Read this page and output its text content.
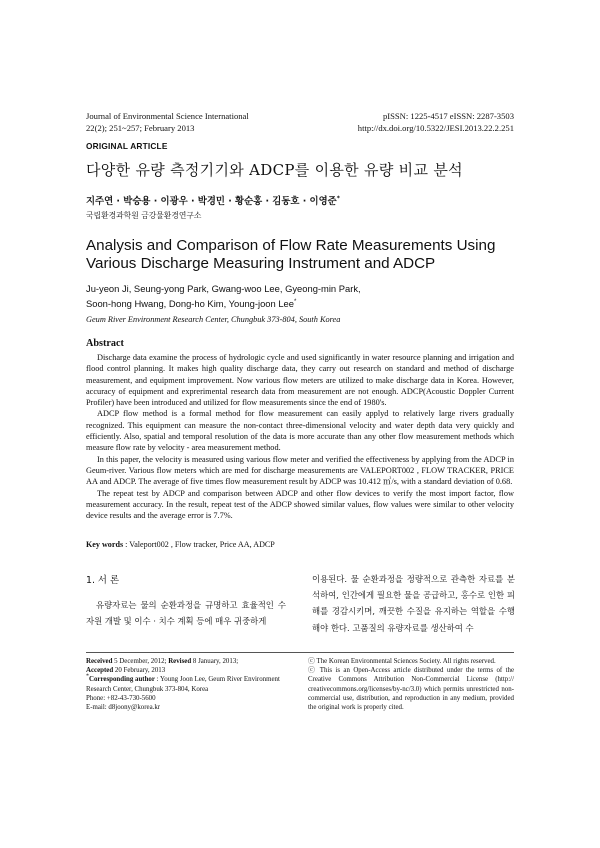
Journal of Environmental Science International
22(2); 251~257; February 2013
pISSN: 1225-4517 eISSN: 2287-3503
http://dx.doi.org/10.5322/JESI.2013.22.2.251
ORIGINAL ARTICLE
다양한 유량 측정기기와 ADCP를 이용한 유량 비교 분석
지주연 · 박승용 · 이광우 · 박경민 · 황순홍 · 김동호 · 이영준*
국립환경과학원 금강물환경연구소
Analysis and Comparison of Flow Rate Measurements Using Various Discharge Measuring Instrument and ADCP
Ju-yeon Ji, Seung-yong Park, Gwang-woo Lee, Gyeong-min Park,
Soon-hong Hwang, Dong-ho Kim, Young-joon Lee*
Geum River Environment Research Center, Chungbuk 373-804, South Korea
Abstract

Discharge data examine the process of hydrologic cycle and used significantly in water resource planning and irrigation and flood control planning. It makes high quality discharge data, they carry out research on standard and method of discharge measurement, and equipment improvement. Now various flow meters are utilized to make discharge data in Korea. However, accuracy of equipment and exprerimental research data from measurement are not enough. ADCP(Acoustic Doppler Current Profiler) have been introduced and utilized for flow measurements since the end of 1980's.

ADCP flow method is a formal method for flow measurement can easily applyd to relatively large rivers gradually recognized. This equipment can measure the non-contact three-dimensional velocity and water depth data very quickly and efficiently. Also, spatial and temporal resolution of the data is more accurate than any other flow measurement methods which measure flow rate by velocity - area measurement method.

In this paper, the velocity is measured using various flow meter and verified the effectiveness by applying from the ADCP in Geum-river. Various flow meters which are med for discharge measurements are VALEPORT002 , FLOW TRACKER, PRICE AA and ADCP. The average of five times flow measurement result by ADCP was 10.412 ㎥/s, with a standard deviation of 0.68.

The repeat test by ADCP and comparison between ADCP and other flow devices to verify the most import factor, flow measurement accuracy. In the result, repeat test of the ADCP showed similar values, flow values were similar to other velocity device results and the average error is 7.7%.

Key words : Valeport002 , Flow tracker, Price AA, ADCP
1. 서 론

유량자료는 물의 순환과정을 규명하고 효율적인 수자원 개발 및 이수 · 치수 계획 등에 매우 귀중하게

이용된다. 물 순환과정을 정량적으로 관측한 자료를 분석하여, 인간에게 필요한 물을 공급하고, 홍수로 인한 피해를 경감시키며, 깨끗한 수질을 유지하는 역할을 수행해야 한다. 고품질의 유량자료를 생산하여 수

Received 5 December, 2012; Revised 8 January, 2013;

Accepted 20 February, 2013

*Corresponding author : Young Joon Lee, Geum River Environment Research Center, Chungbuk 373-804, Korea

Phone: +82-43-730-5600

E-mail: d8joony@korea.kr

ⓒ The Korean Environmental Sciences Society. All rights reserved.

ⓒ This is an Open-Access article distributed under the terms of the Creative Commons Attribution Non-Commercial License (http:// creativecommons.org/licenses/by-nc/3.0) which permits unrestricted non-commercial use, distribution, and reproduction in any medium, provided the original work is properly cited.
